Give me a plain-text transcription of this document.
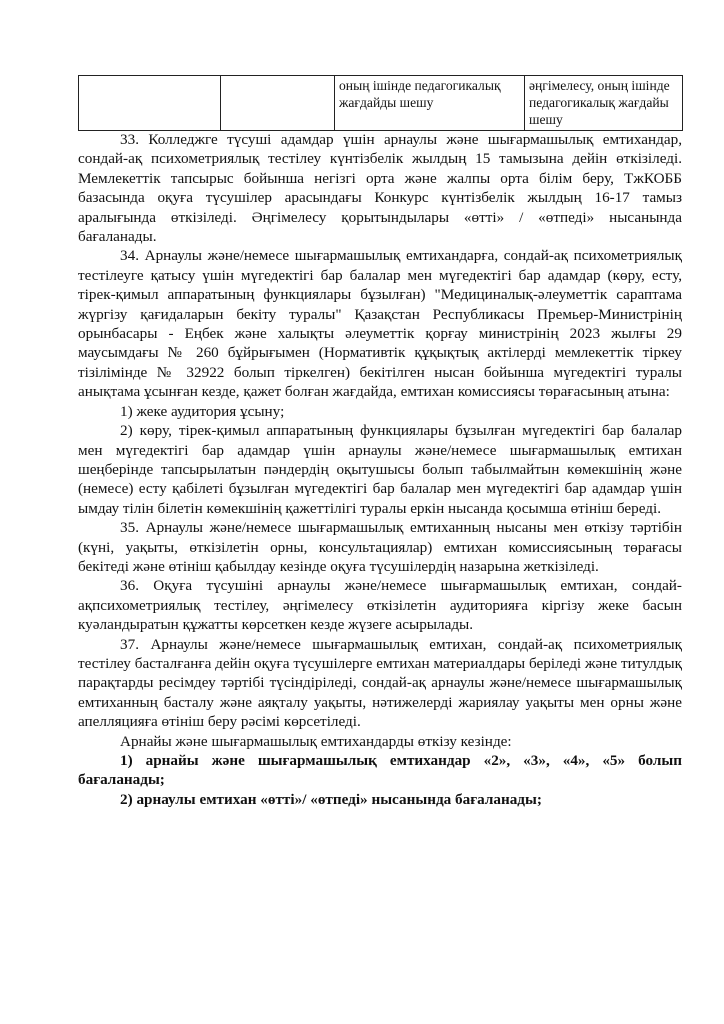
		оның ішінде педагогикалық жағдайды шешу	әңгімелесу, оның ішінде педагогикалық жағдайы шешу

33. Колледжге түсуші адамдар үшін арнаулы және шығармашылық емтихандар, сондай-ақ психометриялық тестілеу күнтізбелік жылдың 15 тамызына дейін өткізіледі. Мемлекеттік тапсырыс бойынша негізгі орта және жалпы орта білім беру, ТжКОББ базасында оқуға түсушілер арасындағы Конкурс күнтізбелік жылдың 16-17 тамыз аралығында өткізіледі. Әңгімелесу қорытындылары «өтті» / «өтпеді» нысанында бағаланады.

34. Арнаулы және/немесе шығармашылық емтихандарға, сондай-ақ психометриялық тестілеуге қатысу үшін мүгедектігі бар балалар мен мүгедектігі бар адамдар (көру, есту, тірек-қимыл аппаратының функциялары бұзылған) "Медициналық-әлеуметтік сараптама жүргізу қағидаларын бекіту туралы" Қазақстан Республикасы Премьер-Министрінің орынбасары - Еңбек және халықты әлеуметтік қорғау министрінің 2023 жылғы 29 маусымдағы № 260 бұйрығымен (Нормативтік құқықтық актілерді мемлекеттік тіркеу тізілімінде № 32922 болып тіркелген) бекітілген нысан бойынша мүгедектігі туралы анықтама ұсынған кезде, қажет болған жағдайда, емтихан комиссиясы төрағасының атына:

1) жеке аудитория ұсыну;

2) көру, тірек-қимыл аппаратының функциялары бұзылған мүгедектігі бар балалар мен мүгедектігі бар адамдар үшін арнаулы және/немесе шығармашылық емтихан шеңберінде тапсырылатын пәндердің оқытушысы болып табылмайтын көмекшінің және (немесе) есту қабілеті бұзылған мүгедектігі бар балалар мен мүгедектігі бар адамдар үшін ымдау тілін білетін көмекшінің қажеттілігі туралы еркін нысанда қосымша өтініш береді.

35. Арнаулы және/немесе шығармашылық емтиханның нысаны мен өткізу тәртібін (күні, уақыты, өткізілетін орны, консультациялар) емтихан комиссиясының төрағасы бекітеді және өтініш қабылдау кезінде оқуға түсушілердің назарына жеткізіледі.

36. Оқуға түсушіні арнаулы және/немесе шығармашылық емтихан, сондай-ақпсихометриялық тестілеу, әңгімелесу өткізілетін аудиторияға кіргізу жеке басын куәландыратын құжатты көрсеткен кезде жүзеге асырылады.

37. Арнаулы және/немесе шығармашылық емтихан, сондай-ақ психометриялық тестілеу басталғанға дейін оқуға түсушілерге емтихан материалдары беріледі және титулдық парақтарды ресімдеу тәртібі түсіндіріледі, сондай-ақ арнаулы және/немесе шығармашылық емтиханның басталу және аяқталу уақыты, нәтижелерді жариялау уақыты мен орны және апелляцияға өтініш беру рәсімі көрсетіледі.

Арнайы және шығармашылық емтихандарды өткізу кезінде:

1) арнайы және шығармашылық емтихандар «2», «3», «4», «5» болып бағаланады;

2) арнаулы емтихан «өтті»/ «өтпеді» нысанында бағаланады;
